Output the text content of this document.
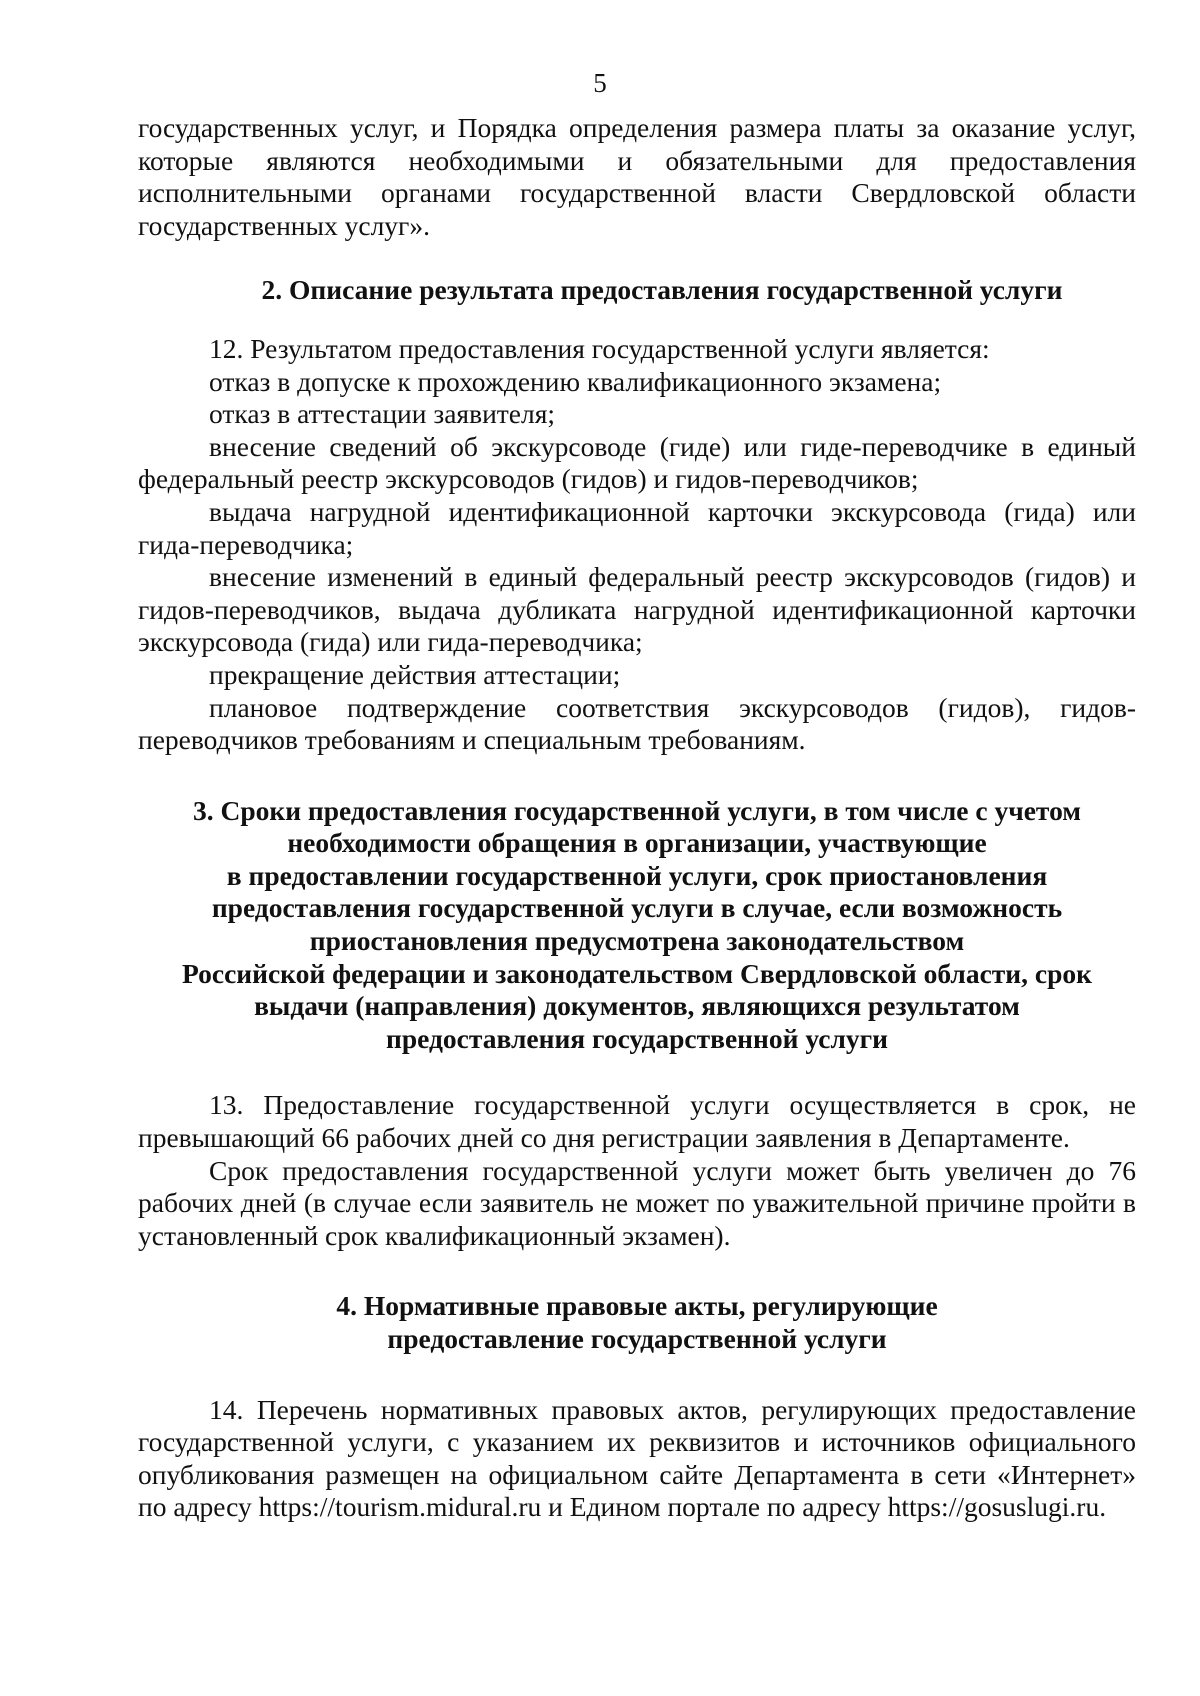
5

государственных услуг, и Порядка определения размера платы за оказание услуг, которые являются необходимыми и обязательными для предоставления исполнительными органами государственной власти Свердловской области государственных услуг».

2. Описание результата предоставления государственной услуги

12. Результатом предоставления государственной услуги является:

отказ в допуске к прохождению квалификационного экзамена;

отказ в аттестации заявителя;

внесение сведений об экскурсоводе (гиде) или гиде-переводчике в единый федеральный реестр экскурсоводов (гидов) и гидов-переводчиков;

выдача нагрудной идентификационной карточки экскурсовода (гида) или гида-переводчика;

внесение изменений в единый федеральный реестр экскурсоводов (гидов) и гидов-переводчиков, выдача дубликата нагрудной идентификационной карточки экскурсовода (гида) или гида-переводчика;

прекращение действия аттестации;

плановое подтверждение соответствия экскурсоводов (гидов), гидов-переводчиков требованиям и специальным требованиям.

3. Сроки предоставления государственной услуги, в том числе с учетом
необходимости обращения в организации, участвующие
в предоставлении государственной услуги, срок приостановления
предоставления государственной услуги в случае, если возможность
приостановления предусмотрена законодательством
Российской федерации и законодательством Свердловской области, срок
выдачи (направления) документов, являющихся результатом
предоставления государственной услуги

13. Предоставление государственной услуги осуществляется в срок, не превышающий 66 рабочих дней со дня регистрации заявления в Департаменте.

Срок предоставления государственной услуги может быть увеличен до 76 рабочих дней (в случае если заявитель не может по уважительной причине пройти в установленный срок квалификационный экзамен).

4. Нормативные правовые акты, регулирующие
предоставление государственной услуги

14. Перечень нормативных правовых актов, регулирующих предоставление государственной услуги, с указанием их реквизитов и источников официального опубликования размещен на официальном сайте Департамента в сети «Интернет» по адресу https://tourism.midural.ru и Едином портале по адресу https://gosuslugi.ru.
